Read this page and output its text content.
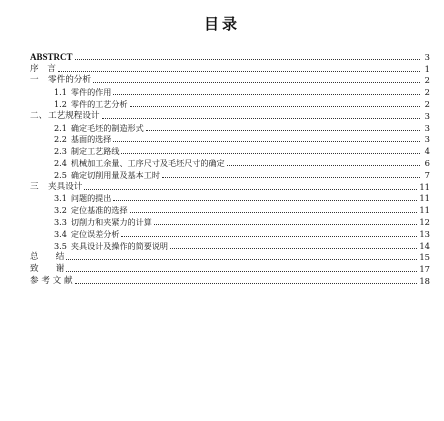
目录
ABSTRCT	3
序　言	1
一 零件的分析	2
1.1 零件的作用	2
1.2 零件的工艺分析	2
二、工艺规程设计	3
2.1 确定毛坯的制造形式	3
2.2 基面的选择	3
2.3 制定工艺路线	4
2.4 机械加工余量、工序尺寸及毛坯尺寸的确定	6
2.5 确定切削用量及基本工时	7
三 夹具设计	11
3.1 问题的提出	11
3.2 定位基准的选择	11
3.3 切削力和夹紧力的计算	12
3.4 定位误差分析	13
3.5 夹具设计及操作的简要说明	14
总　　结	15
致　　谢	17
参 考 文 献	18
